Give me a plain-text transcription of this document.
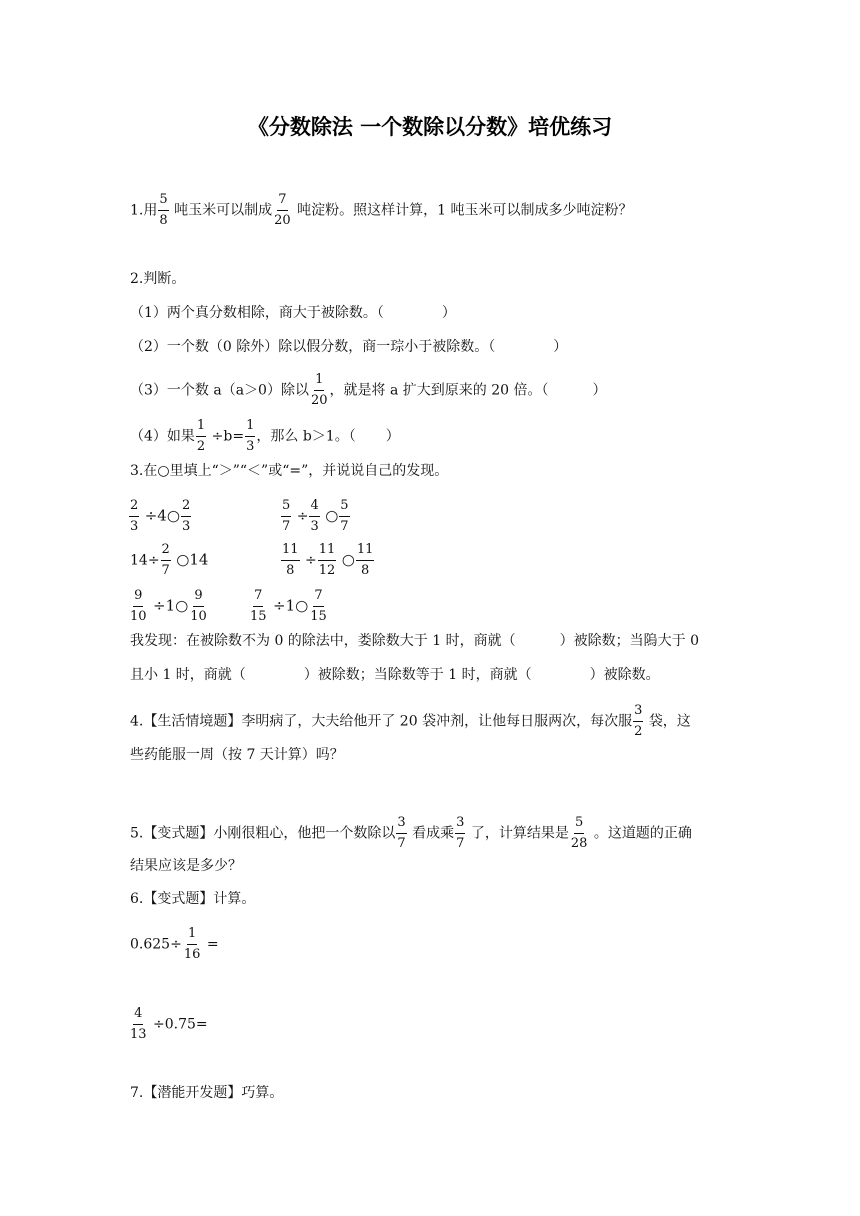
《分数除法 一个数除以分数》培优练习
1.用 $\frac{5}{8}$ 吨玉米可以制成 $\frac{7}{20}$ 吨淀粉。照这样计算，1 吨玉米可以制成多少吨淀粉？
2.判断。
（1）两个真分数相除，商大于被除数。（	）
（2）一个数（0 除外）除以假分数，商一琮小于被除数。（	）
（3）一个数 a（a＞0）除以 $\frac{1}{20}$ ，就是将 a 扩大到原来的 20 倍。（	）
（4）如果 $\frac{1}{2} \div b= \frac{1}{3}$ ，那么 b＞1。（ ）
3.在○里填上“＞”“＜”或“=”，并说说自己的发现。
$\frac{2}{3}$ ÷4○ $\frac{2}{3}$	$\frac{5}{7} \div \frac{4}{3}$ ○ $\frac{5}{7}$
$14\div \frac{2}{7}$ ○14	$\frac{11}{8} \div \frac{11}{12}$ ○ $\frac{11}{8}$
$\frac{9}{10}$ ÷1○ $\frac{9}{10}$	$\frac{7}{15}$ ÷1○ $\frac{7}{15}$
我发现：在被除数不为 0 的除法中，娄除数大于 1 时，商就（	）被除数；当隖大于 0
且小 1 时，商就（	）被除数；当除数等于 1 时，商就（	）被除数。
4.【生活情境题】李明病了，大夫给他开了 20 袋冲剂，让他每日服两次，每次服 $\frac{3}{2}$ 袋，这
些药能服一周（按 7 天计算）吗？
5.【变式题】小刚很粗心，他把一个数除以 $\frac{3}{7}$ 看成乘 $\frac{3}{7}$ 了，计算结果是 $\frac{5}{28}$ 。这道题的正确
结果应该是多少？
6.【变式题】计算。
$0.625\div \frac{1}{16}$ =
$\frac{4}{13} \div 0.75=$
7.【潜能开发题】巧算。
